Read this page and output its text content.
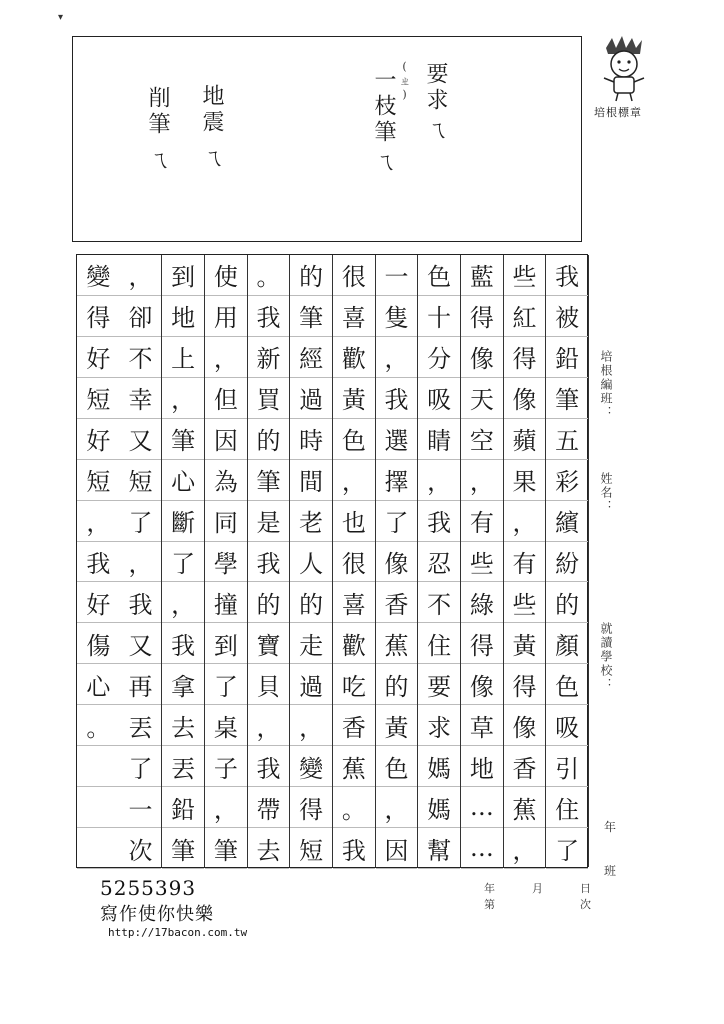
▾
培根標章
要求
ㄟ
一枝筆 (ㄓ)
ㄟ
地震
ㄟ
削筆
ㄟ
我
被
鉛
筆
五
彩
繽
紛
的
顏
色
吸
引
住
了
些
紅
得
像
蘋
果
，
有
些
黃
得
像
香
蕉
，
藍
得
像
天
空
，
有
些
綠
得
像
草
地
…
…
色
十
分
吸
睛
，
我
忍
不
住
要
求
媽
媽
幫
一
隻
，
我
選
擇
了
像
香
蕉
的
黃
色
，
因
很
喜
歡
黃
色
，
也
很
喜
歡
吃
香
蕉
。
我
的
筆
經
過
時
間
老
人
的
走
過
，
變
得
短
。
我
新
買
的
筆
是
我
的
寶
貝
，
我
帶
去
使
用
，
但
因
為
同
學
撞
到
了
桌
子
，
筆
到
地
上
，
筆
心
斷
了
，
我
拿
去
丟
鉛
筆
，
卻
不
幸
又
短
了
，
我
又
再
丟
了
一
次
變
得
好
短
好
短
，
我
好
傷
心
。
培根編班：
姓名：
就讀學校：
年
班
5255393
寫作使你快樂
http://17bacon.com.tw
年	月	日
第	次
